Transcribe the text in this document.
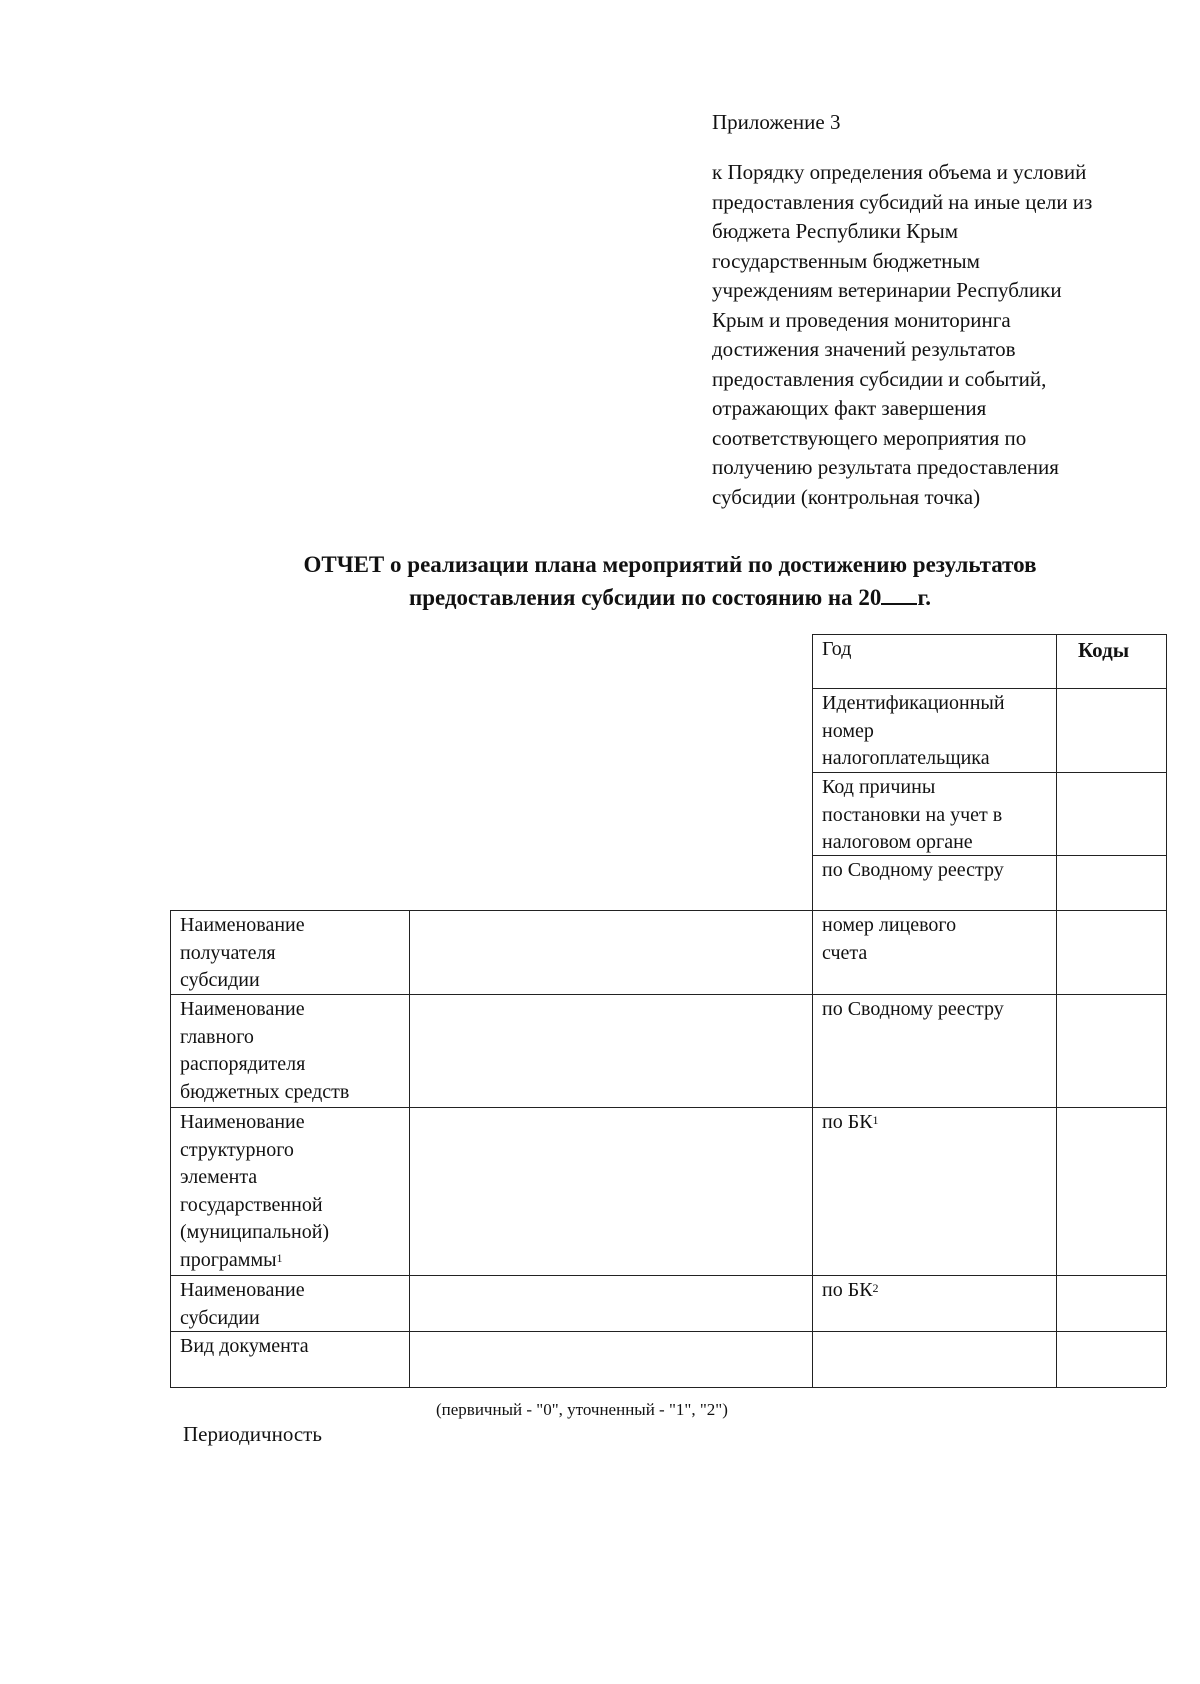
Приложение 3
к Порядку определения объема и условий
предоставления субсидий на иные цели из
бюджета Республики Крым
государственным бюджетным
учреждениям ветеринарии Республики
Крым и проведения мониторинга
достижения значений результатов
предоставления субсидии и событий,
отражающих факт завершения
соответствующего мероприятия по
получению результата предоставления
субсидии (контрольная точка)
ОТЧЕТ о реализации плана мероприятий по достижению результатов
предоставления субсидии по состоянию на 20 г.
Год	Коды
Идентификационный
номер
налогоплательщика
Код причины
постановки на учет в
налоговом органе
по Сводному реестру
Наименование
получателя
субсидии
номер лицевого
счета
Наименование
главного
распорядителя
бюджетных средств
по Сводному реестру
Наименование
структурного
элемента
государственной
(муниципальной)
программы$^1$
по $БК^1$
Наименование
субсидии
по $БК^2$
Вид документа
(первичный - "0", уточненный - "1", "2")
Периодичность
